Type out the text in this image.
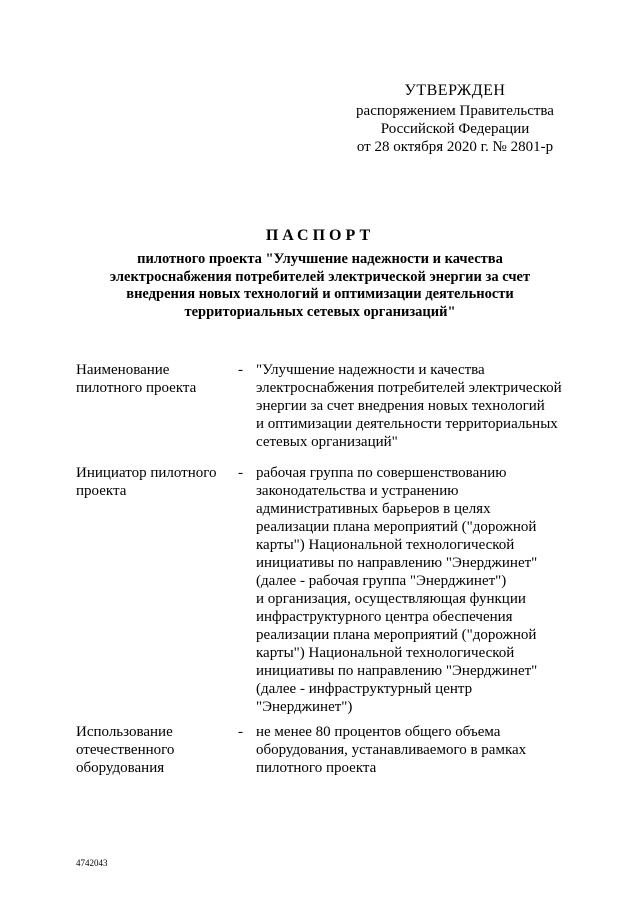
УТВЕРЖДЕН
распоряжением Правительства
Российской Федерации
от 28 октября 2020 г. № 2801-р
ПАСПОРТ
пилотного проекта "Улучшение надежности и качества
электроснабжения потребителей электрической энергии за счет
внедрения новых технологий и оптимизации деятельности
территориальных сетевых организаций"
Наименование
пилотного проекта
- "Улучшение надежности и качества
электроснабжения потребителей электрической
энергии за счет внедрения новых технологий
и оптимизации деятельности территориальных
сетевых организаций"
Инициатор пилотного
проекта
- рабочая группа по совершенствованию
законодательства и устранению
административных барьеров в целях
реализации плана мероприятий ("дорожной
карты") Национальной технологической
инициативы по направлению "Энерджинет"
(далее - рабочая группа "Энерджинет")
и организация, осуществляющая функции
инфраструктурного центра обеспечения
реализации плана мероприятий ("дорожной
карты") Национальной технологической
инициативы по направлению "Энерджинет"
(далее - инфраструктурный центр
"Энерджинет")
Использование
отечественного
оборудования
- не менее 80 процентов общего объема
оборудования, устанавливаемого в рамках
пилотного проекта
4742043
